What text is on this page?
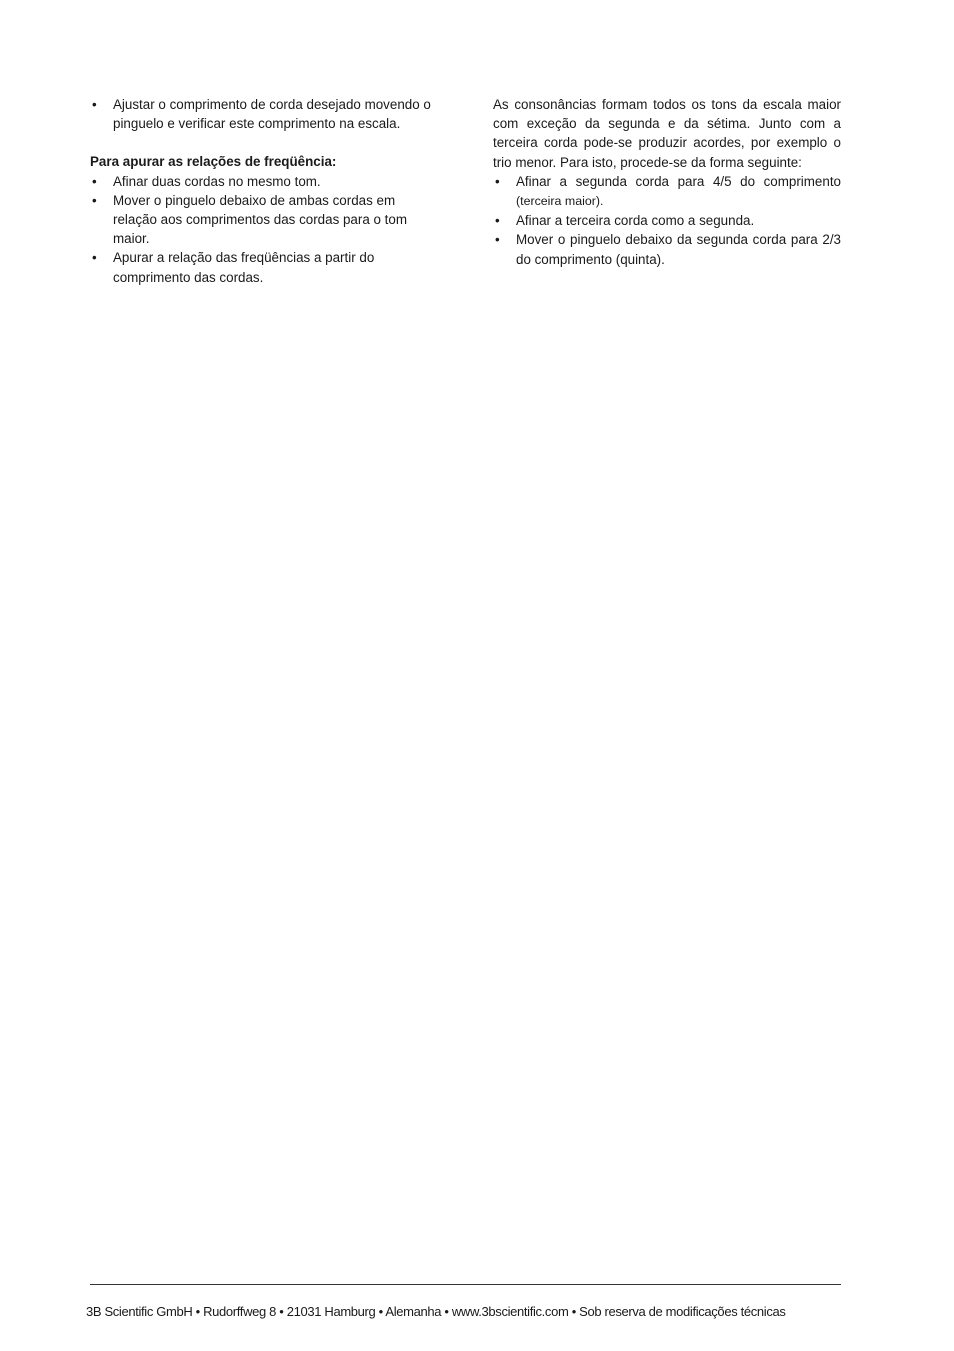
• Ajustar o comprimento de corda desejado movendo o pinguelo e verificar este comprimento na escala.

Para apurar as relações de freqüência:

• Afinar duas cordas no mesmo tom.
• Mover o pinguelo debaixo de ambas cordas em relação aos comprimentos das cordas para o tom maior.
• Apurar a relação das freqüências a partir do comprimento das cordas.

As consonâncias formam todos os tons da escala maior com exceção da segunda e da sétima. Junto com a terceira corda pode-se produzir acordes, por exemplo o trio menor. Para isto, procede-se da forma seguinte:

• Afinar a segunda corda para 4/5 do comprimento (terceira maior).
• Afinar a terceira corda como a segunda.
• Mover o pinguelo debaixo da segunda corda para 2/3 do comprimento (quinta).
3B Scientific GmbH • Rudorffweg 8 • 21031 Hamburg • Alemanha • www.3bscientific.com • Sob reserva de modificações técnicas
